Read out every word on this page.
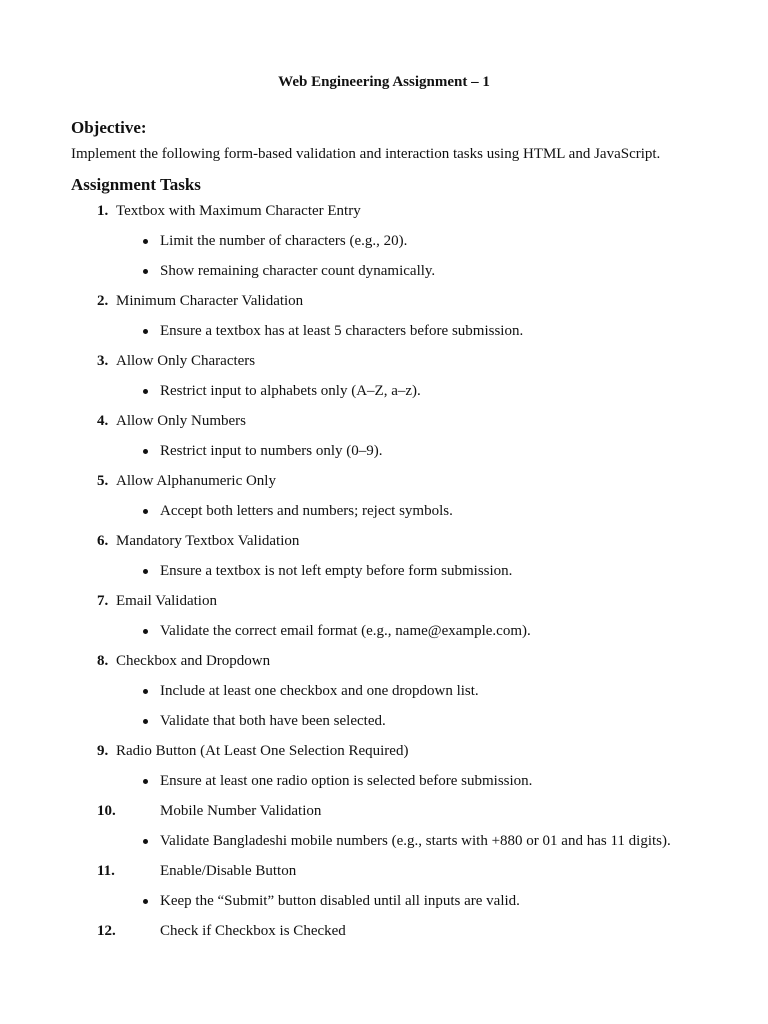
Web Engineering Assignment – 1
Objective:
Implement the following form-based validation and interaction tasks using HTML and JavaScript.
Assignment Tasks
1. Textbox with Maximum Character Entry
Limit the number of characters (e.g., 20).
Show remaining character count dynamically.
2. Minimum Character Validation
Ensure a textbox has at least 5 characters before submission.
3. Allow Only Characters
Restrict input to alphabets only (A–Z, a–z).
4. Allow Only Numbers
Restrict input to numbers only (0–9).
5. Allow Alphanumeric Only
Accept both letters and numbers; reject symbols.
6. Mandatory Textbox Validation
Ensure a textbox is not left empty before form submission.
7. Email Validation
Validate the correct email format (e.g., name@example.com).
8. Checkbox and Dropdown
Include at least one checkbox and one dropdown list.
Validate that both have been selected.
9. Radio Button (At Least One Selection Required)
Ensure at least one radio option is selected before submission.
10.	Mobile Number Validation
Validate Bangladeshi mobile numbers (e.g., starts with +880 or 01 and has 11 digits).
11.	Enable/Disable Button
Keep the “Submit” button disabled until all inputs are valid.
12.	Check if Checkbox is Checked
